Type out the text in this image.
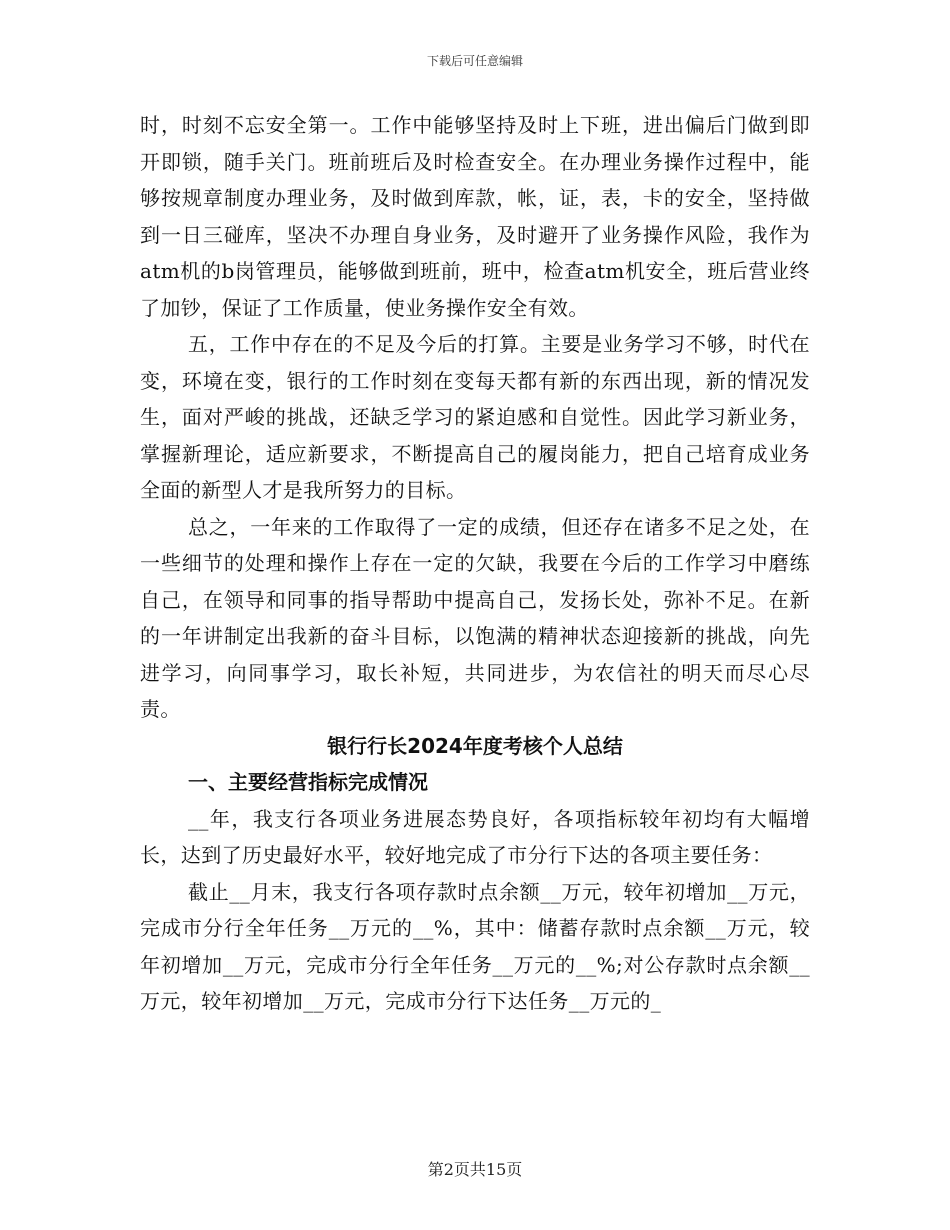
下载后可任意编辑

时，时刻不忘安全第一。工作中能够坚持及时上下班，进出偏后门做到即开即锁，随手关门。班前班后及时检查安全。在办理业务操作过程中，能够按规章制度办理业务，及时做到库款，帐，证，表，卡的安全，坚持做到一日三碰库，坚决不办理自身业务，及时避开了业务操作风险，我作为atm机的b岗管理员，能够做到班前，班中，检查atm机安全，班后营业终了加钞，保证了工作质量，使业务操作安全有效。

五，工作中存在的不足及今后的打算。主要是业务学习不够，时代在变，环境在变，银行的工作时刻在变每天都有新的东西出现，新的情况发生，面对严峻的挑战，还缺乏学习的紧迫感和自觉性。因此学习新业务，掌握新理论，适应新要求，不断提高自己的履岗能力，把自己培育成业务全面的新型人才是我所努力的目标。

总之，一年来的工作取得了一定的成绩，但还存在诸多不足之处，在一些细节的处理和操作上存在一定的欠缺，我要在今后的工作学习中磨练自己，在领导和同事的指导帮助中提高自己，发扬长处，弥补不足。在新的一年讲制定出我新的奋斗目标，以饱满的精神状态迎接新的挑战，向先进学习，向同事学习，取长补短，共同进步，为农信社的明天而尽心尽责。

银行行长2024年度考核个人总结
一、主要经营指标完成情况

__年，我支行各项业务进展态势良好，各项指标较年初均有大幅增长，达到了历史最好水平，较好地完成了市分行下达的各项主要任务：

截止__月末，我支行各项存款时点余额__万元，较年初增加__万元，完成市分行全年任务__万元的__%，其中：储蓄存款时点余额__万元，较年初增加__万元，完成市分行全年任务__万元的__%;对公存款时点余额__万元，较年初增加__万元，完成市分行下达任务__万元的_

第2页共15页
